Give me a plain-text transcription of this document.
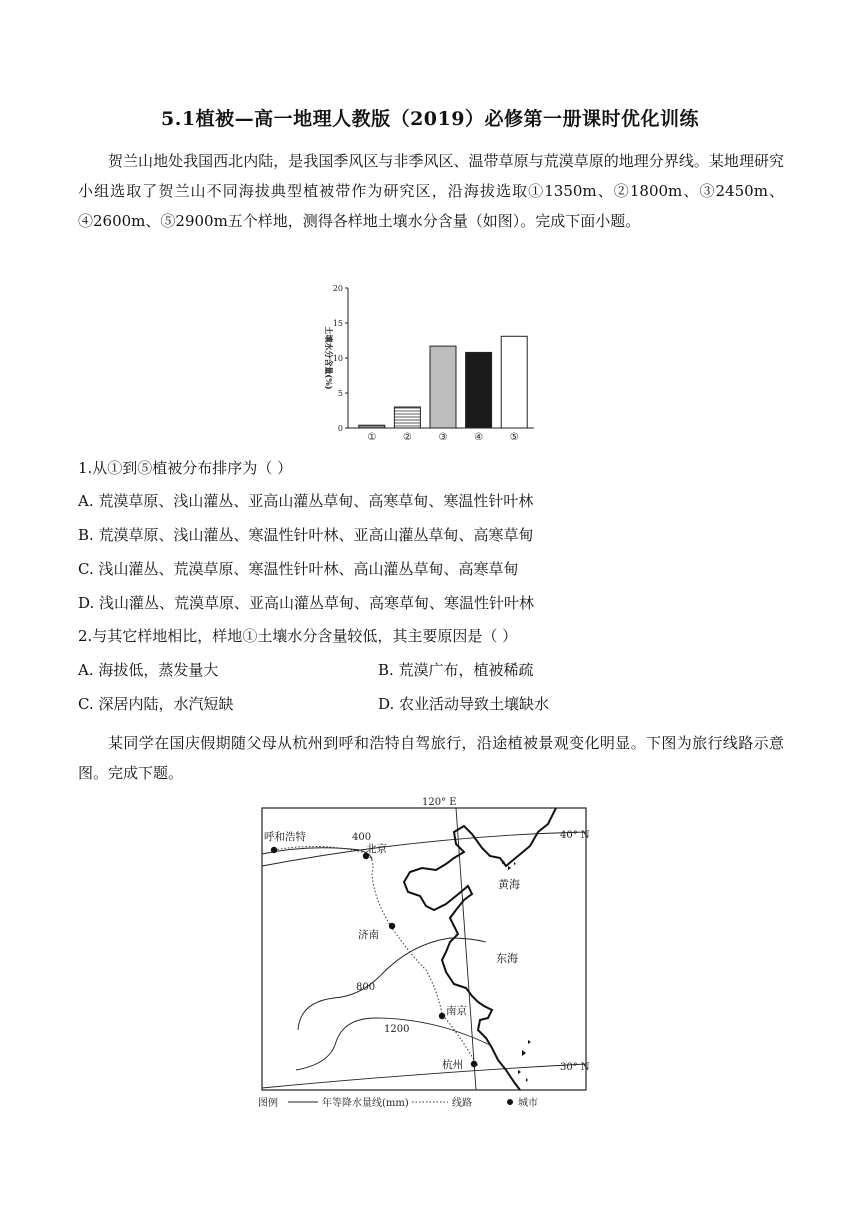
5.1植被—高一地理人教版（2019）必修第一册课时优化训练

贺兰山地处我国西北内陆，是我国季风区与非季风区、温带草原与荒漠草原的地理分界线。某地理研究小组选取了贺兰山不同海拔典型植被带作为研究区，沿海拔选取①1350m、②1800m、③2450m、④2600m、⑤2900m五个样地，测得各样地土壤水分含量（如图）。完成下面小题。

0
5
10
15
20
土壤水分含量(%)
①	②	③	④	⑤
1.从①到⑤植被分布排序为（ ）
A. 荒漠草原、浅山灌丛、亚高山灌丛草甸、高寒草甸、寒温性针叶林
B. 荒漠草原、浅山灌丛、寒温性针叶林、亚高山灌丛草甸、高寒草甸
C. 浅山灌丛、荒漠草原、寒温性针叶林、高山灌丛草甸、高寒草甸
D. 浅山灌丛、荒漠草原、亚高山灌丛草甸、高寒草甸、寒温性针叶林
2.与其它样地相比，样地①土壤水分含量较低，其主要原因是（ ）
A. 海拔低，蒸发量大	B. 荒漠广布，植被稀疏
C. 深居内陆，水汽短缺	D. 农业活动导致土壤缺水

某同学在国庆假期随父母从杭州到呼和浩特自驾旅行，沿途植被景观变化明显。下图为旅行线路示意图。完成下题。

120° E
40° N
30° N
400
800
1200
呼和浩特
北京
济南
南京
杭州
黄海
东海
图例	年等降水量线(mm)	线路	城市
